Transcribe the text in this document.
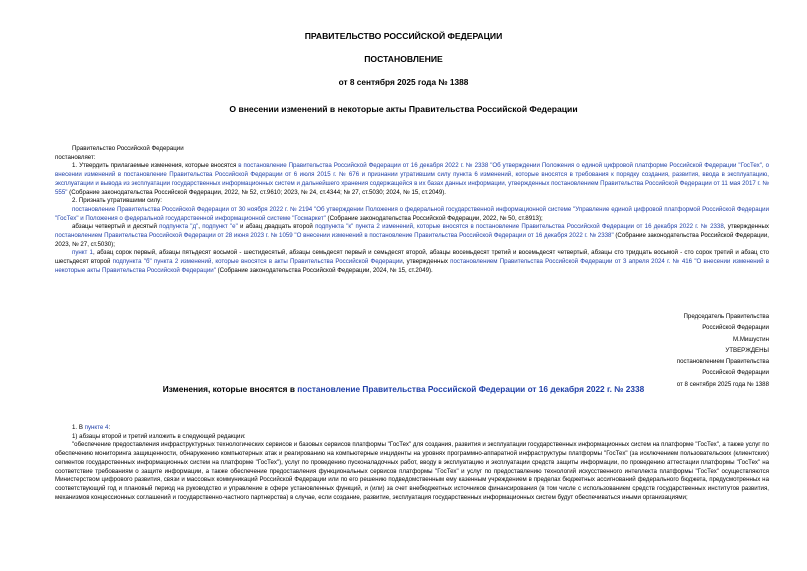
ПРАВИТЕЛЬСТВО РОССИЙСКОЙ ФЕДЕРАЦИИ
ПОСТАНОВЛЕНИЕ
от 8 сентября 2025 года № 1388
О внесении изменений в некоторые акты Правительства Российской Федерации

Правительство Российской Федерации

постановляет:

1. Утвердить прилагаемые изменения, которые вносятся в постановление Правительства Российской Федерации от 16 декабря 2022 г. № 2338 "Об утверждении Положения о единой цифровой платформе Российской Федерации "ГосТех", о внесении изменений в постановление Правительства Российской Федерации от 6 июля 2015 г. № 676 и признании утратившим силу пункта 6 изменений, которые вносятся в требования к порядку создания, развития, ввода в эксплуатацию, эксплуатации и вывода из эксплуатации государственных информационных систем и дальнейшего хранения содержащейся в их базах данных информации, утвержденных постановлением Правительства Российской Федерации от 11 мая 2017 г. № 555" (Собрание законодательства Российской Федерации, 2022, № 52, ст.9610; 2023, № 24, ст.4344; № 27, ст.5030; 2024, № 15, ст.2049).

2. Признать утратившими силу:

постановление Правительства Российской Федерации от 30 ноября 2022 г. № 2194 "Об утверждении Положения о федеральной государственной информационной системе "Управление единой цифровой платформой Российской Федерации "ГосТех" и Положения о федеральной государственной информационной системе "Госмаркет" (Собрание законодательства Российской Федерации, 2022, № 50, ст.8913);

абзацы четвертый и десятый подпункта "д", подпункт "е" и абзац двадцать второй подпункта "к" пункта 2 изменений, которые вносятся в постановление Правительства Российской Федерации от 16 декабря 2022 г. № 2338, утвержденных постановлением Правительства Российской Федерации от 28 июня 2023 г. № 1059 "О внесении изменений в постановление Правительства Российской Федерации от 16 декабря 2022 г. № 2338" (Собрание законодательства Российской Федерации, 2023, № 27, ст.5030);

пункт 1, абзац сорок первый, абзацы пятьдесят восьмой - шестидесятый, абзацы семьдесят первый и семьдесят второй, абзацы восемьдесят третий и восемьдесят четвертый, абзацы сто тридцать восьмой - сто сорок третий и абзац сто шестьдесят второй подпункта "б" пункта 2 изменений, которые вносятся в акты Правительства Российской Федерации, утвержденных постановлением Правительства Российской Федерации от 3 апреля 2024 г. № 416 "О внесении изменений в некоторые акты Правительства Российской Федерации" (Собрание законодательства Российской Федерации, 2024, № 15, ст.2049).

Председатель Правительства
Российской Федерации
М.Мишустин
УТВЕРЖДЕНЫ
постановлением Правительства
Российской Федерации
от 8 сентября 2025 года № 1388
Изменения, которые вносятся в постановление Правительства Российской Федерации от 16 декабря 2022 г. № 2338

1. В пункте 4:

1) абзацы второй и третий изложить в следующей редакции:

"обеспечение предоставления инфраструктурных технологических сервисов и базовых сервисов платформы "ГосТех" для создания, развития и эксплуатации государственных информационных систем на платформе "ГосТех", а также услуг по обеспечению мониторинга защищенности, обнаружению компьютерных атак и реагированию на компьютерные инциденты на уровнях программно-аппаратной инфраструктуры платформы "ГосТех" (за исключением пользовательских (клиентских) сегментов государственных информационных систем на платформе "ГосТех"), услуг по проведению пусконаладочных работ, вводу в эксплуатацию и эксплуатации средств защиты информации, по проведению аттестации платформы "ГосТех" на соответствие требованиям о защите информации, а также обеспечение предоставления функциональных сервисов платформы "ГосТех" и услуг по предоставлению технологий искусственного интеллекта платформы "ГосТех" осуществляются Министерством цифрового развития, связи и массовых коммуникаций Российской Федерации или по его решению подведомственным ему казенным учреждением в пределах бюджетных ассигнований федерального бюджета, предусмотренных на соответствующий год и плановый период на руководство и управление в сфере установленных функций, и (или) за счет внебюджетных источников финансирования (в том числе с использованием средств государственных институтов развития, механизмов концессионных соглашений и государственно-частного партнерства) в случае, если создание, развитие, эксплуатация государственных информационных систем будут обеспечиваться иными организациями;
